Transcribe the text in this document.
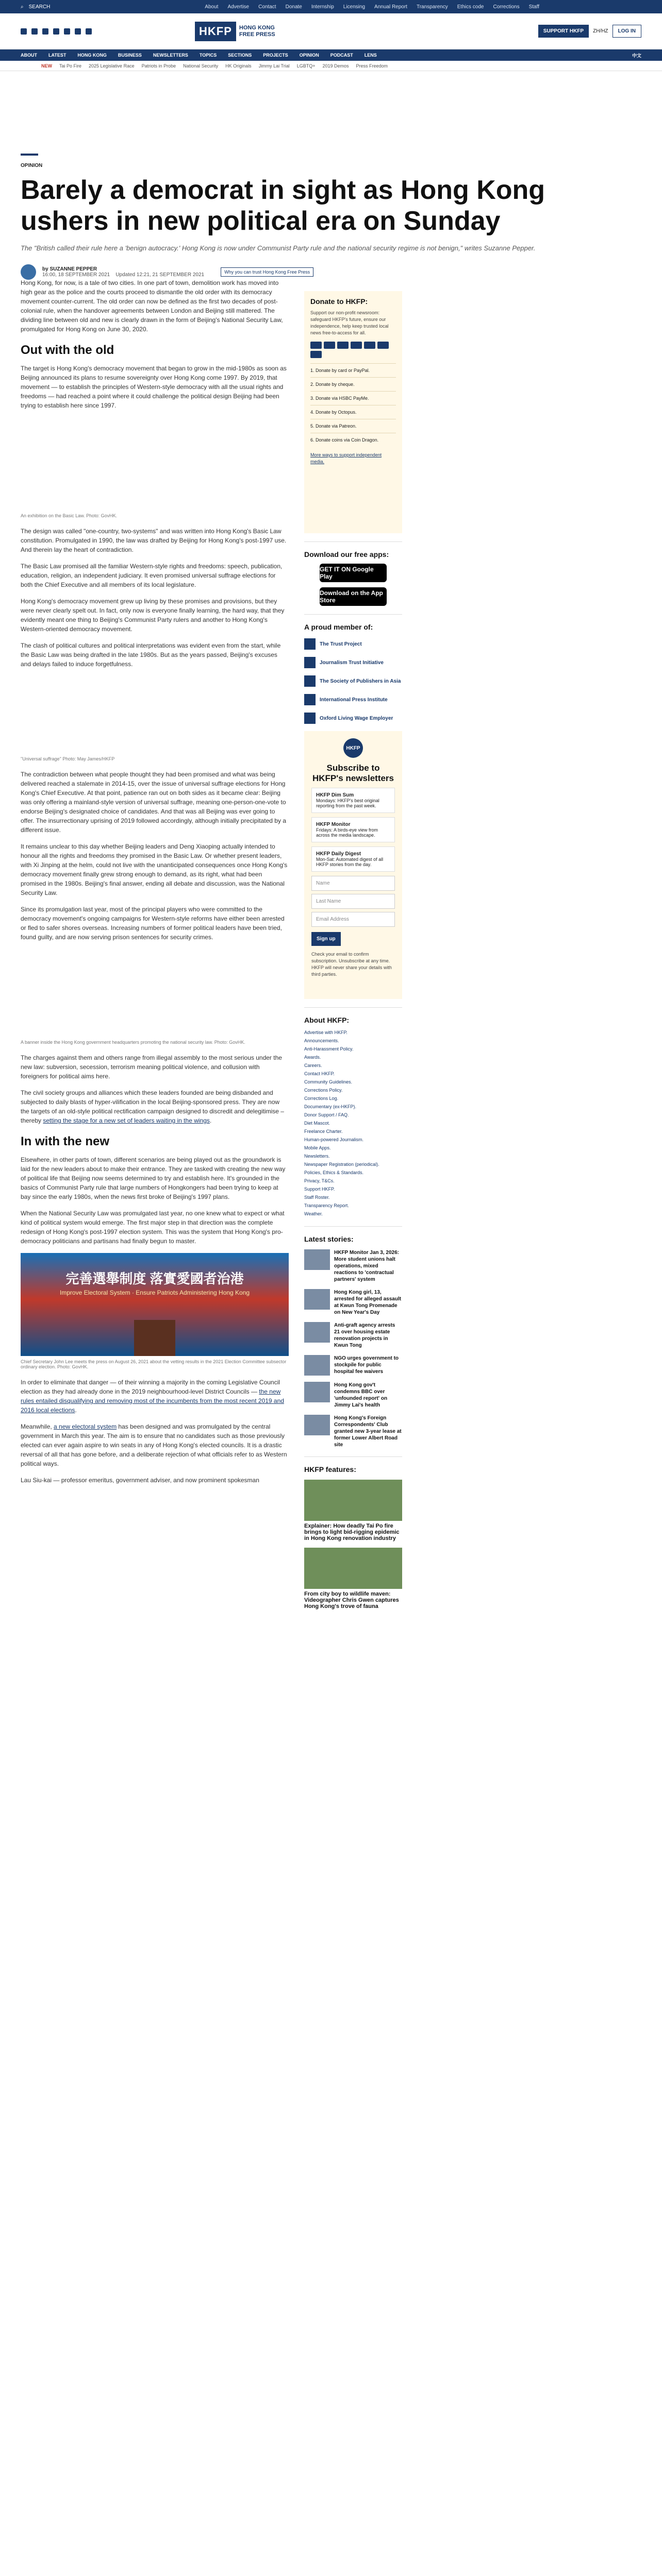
⌕ SEARCH	About Advertise Contact Donate Internship Licensing Annual Report Transparency Ethics code Corrections Staff
HKFP	HONG KONG
FREE PRESS	SUPPORT HKFP	ZH/HZ	LOG IN
ABOUT LATEST HONG KONG BUSINESS NEWSLETTERS TOPICS SECTIONS PROJECTS OPINION PODCAST LENS	中文
NEW Tai Po Fire 2025 Legislative Race Patriots in Probe National Security HK Originals Jimmy Lai Trial LGBTQ+ 2019 Demos Press Freedom
OPINION
Barely a democrat in sight as Hong Kong ushers in new political era on Sunday
The "British called their rule here a 'benign autocracy.' Hong Kong is now under Communist Party rule and the national security regime is not benign," writes Suzanne Pepper.
by SUZANNE PEPPER
16:00, 18 SEPTEMBER 2021 Updated 12:21, 21 SEPTEMBER 2021	Why you can trust Hong Kong Free Press

Hong Kong, for now, is a tale of two cities. In one part of town, demolition work has moved into high gear as the police and the courts proceed to dismantle the old order with its democracy movement counter-current. The old order can now be defined as the first two decades of post-colonial rule, when the handover agreements between London and Beijing still mattered. The dividing line between old and new is clearly drawn in the form of Beijing's National Security Law, promulgated for Hong Kong on June 30, 2020.

Out with the old

The target is Hong Kong's democracy movement that began to grow in the mid-1980s as soon as Beijing announced its plans to resume sovereignty over Hong Kong come 1997. By 2019, that movement — to establish the principles of Western-style democracy with all the usual rights and freedoms — had reached a point where it could challenge the political design Beijing had been trying to establish here since 1997.

An exhibition on the Basic Law. Photo: GovHK.

The design was called "one-country, two-systems" and was written into Hong Kong's Basic Law constitution. Promulgated in 1990, the law was drafted by Beijing for Hong Kong's post-1997 use. And therein lay the heart of contradiction.

The Basic Law promised all the familiar Western-style rights and freedoms: speech, publication, education, religion, an independent judiciary. It even promised universal suffrage elections for both the Chief Executive and all members of its local legislature.

Hong Kong's democracy movement grew up living by these promises and provisions, but they were never clearly spelt out. In fact, only now is everyone finally learning, the hard way, that they evidently meant one thing to Beijing's Communist Party rulers and another to Hong Kong's Western-oriented democracy movement.

The clash of political cultures and political interpretations was evident even from the start, while the Basic Law was being drafted in the late 1980s. But as the years passed, Beijing's excuses and delays failed to induce forgetfulness.

"Universal suffrage" Photo: May James/HKFP

The contradiction between what people thought they had been promised and what was being delivered reached a stalemate in 2014-15, over the issue of universal suffrage elections for Hong Kong's Chief Executive. At that point, patience ran out on both sides as it became clear: Beijing was only offering a mainland-style version of universal suffrage, meaning one-person-one-vote to endorse Beijing's designated choice of candidates. And that was all Beijing was ever going to offer. The insurrectionary uprising of 2019 followed accordingly, although initially precipitated by a different issue.

It remains unclear to this day whether Beijing leaders and Deng Xiaoping actually intended to honour all the rights and freedoms they promised in the Basic Law. Or whether present leaders, with Xi Jinping at the helm, could not live with the unanticipated consequences once Hong Kong's democracy movement finally grew strong enough to demand, as its right, what had been promised in the 1980s. Beijing's final answer, ending all debate and discussion, was the National Security Law.

Since its promulgation last year, most of the principal players who were committed to the democracy movement's ongoing campaigns for Western-style reforms have either been arrested or fled to safer shores overseas. Increasing numbers of former political leaders have been tried, found guilty, and are now serving prison sentences for security crimes.

A banner inside the Hong Kong government headquarters promoting the national security law. Photo: GovHK.

The charges against them and others range from illegal assembly to the most serious under the new law: subversion, secession, terrorism meaning political violence, and collusion with foreigners for political aims here.

The civil society groups and alliances which these leaders founded are being disbanded and subjected to daily blasts of hyper-vilification in the local Beijing-sponsored press. They are now the targets of an old-style political rectification campaign designed to discredit and delegitimise – thereby setting the stage for a new set of leaders waiting in the wings.

In with the new

Elsewhere, in other parts of town, different scenarios are being played out as the groundwork is laid for the new leaders about to make their entrance. They are tasked with creating the new way of political life that Beijing now seems determined to try and establish here. It's grounded in the basics of Communist Party rule that large numbers of Hongkongers had been trying to keep at bay since the early 1980s, when the news first broke of Beijing's 1997 plans.

When the National Security Law was promulgated last year, no one knew what to expect or what kind of political system would emerge. The first major step in that direction was the complete redesign of Hong Kong's post-1997 election system. This was the system that Hong Kong's pro-democracy politicians and partisans had finally begun to master.

完善選舉制度 落實愛國者治港
Improve Electoral System · Ensure Patriots Administering Hong Kong
Chief Secretary John Lee meets the press on August 26, 2021 about the vetting results in the 2021 Election Committee subsector ordinary election. Photo: GovHK.

In order to eliminate that danger — of their winning a majority in the coming Legislative Council election as they had already done in the 2019 neighbourhood-level District Councils — the new rules entailed disqualifying and removing most of the incumbents from the most recent 2019 and 2016 local elections.

Meanwhile, a new electoral system has been designed and was promulgated by the central government in March this year. The aim is to ensure that no candidates such as those previously elected can ever again aspire to win seats in any of Hong Kong's elected councils. It is a drastic reversal of all that has gone before, and a deliberate rejection of what officials refer to as Western political ways.

Lau Siu-kai — professor emeritus, government adviser, and now prominent spokesman

Donate to HKFP:
Support our non-profit newsroom: safeguard HKFP's future, ensure our independence, help keep trusted local news free-to-access for all.
1. Donate by card or PayPal.
2. Donate by cheque.
3. Donate via HSBC PayMe.
4. Donate by Octopus.
5. Donate via Patreon.
6. Donate coins via Coin Dragon.
More ways to support independent media.
Download our free apps:
GET IT ON Google Play
Download on the App Store
A proud member of:
The Trust Project
Journalism Trust Initiative
The Society of Publishers in Asia
International Press Institute
Oxford Living Wage Employer
HKFP
Subscribe to HKFP's newsletters
HKFP Dim Sum
Mondays: HKFP's best original reporting from the past week.
HKFP Monitor
Fridays: A birds-eye view from across the media landscape.
HKFP Daily Digest
Mon-Sat: Automated digest of all HKFP stories from the day.
Name
Last Name
Email Address
Sign up
Check your email to confirm subscription. Unsubscribe at any time. HKFP will never share your details with third parties.
About HKFP:
Advertise with HKFP.
Announcements.
Anti-Harassment Policy.
Awards.
Careers.
Contact HKFP.
Community Guidelines.
Corrections Policy.
Corrections Log.
Documentary (ex-HKFP).
Donor Support / FAQ.
Diet Mascot.
Freelance Charter.
Human-powered Journalism.
Mobile Apps.
Newsletters.
Newspaper Registration (periodical).
Policies, Ethics & Standards.
Privacy, T&Cs.
Support HKFP.
Staff Roster.
Transparency Report.
Weather.
Latest stories:
HKFP Monitor Jan 3, 2026: More student unions halt operations, mixed reactions to 'contractual partners' system
Hong Kong girl, 13, arrested for alleged assault at Kwun Tong Promenade on New Year's Day
Anti-graft agency arrests 21 over housing estate renovation projects in Kwun Tong
NGO urges government to stockpile for public hospital fee waivers
Hong Kong gov't condemns BBC over 'unfounded report' on Jimmy Lai's health
Hong Kong's Foreign Correspondents' Club granted new 3-year lease at former Lower Albert Road site
HKFP features:
Explainer: How deadly Tai Po fire brings to light bid-rigging epidemic in Hong Kong renovation industry
From city boy to wildlife maven: Videographer Chris Gwen captures Hong Kong's trove of fauna
